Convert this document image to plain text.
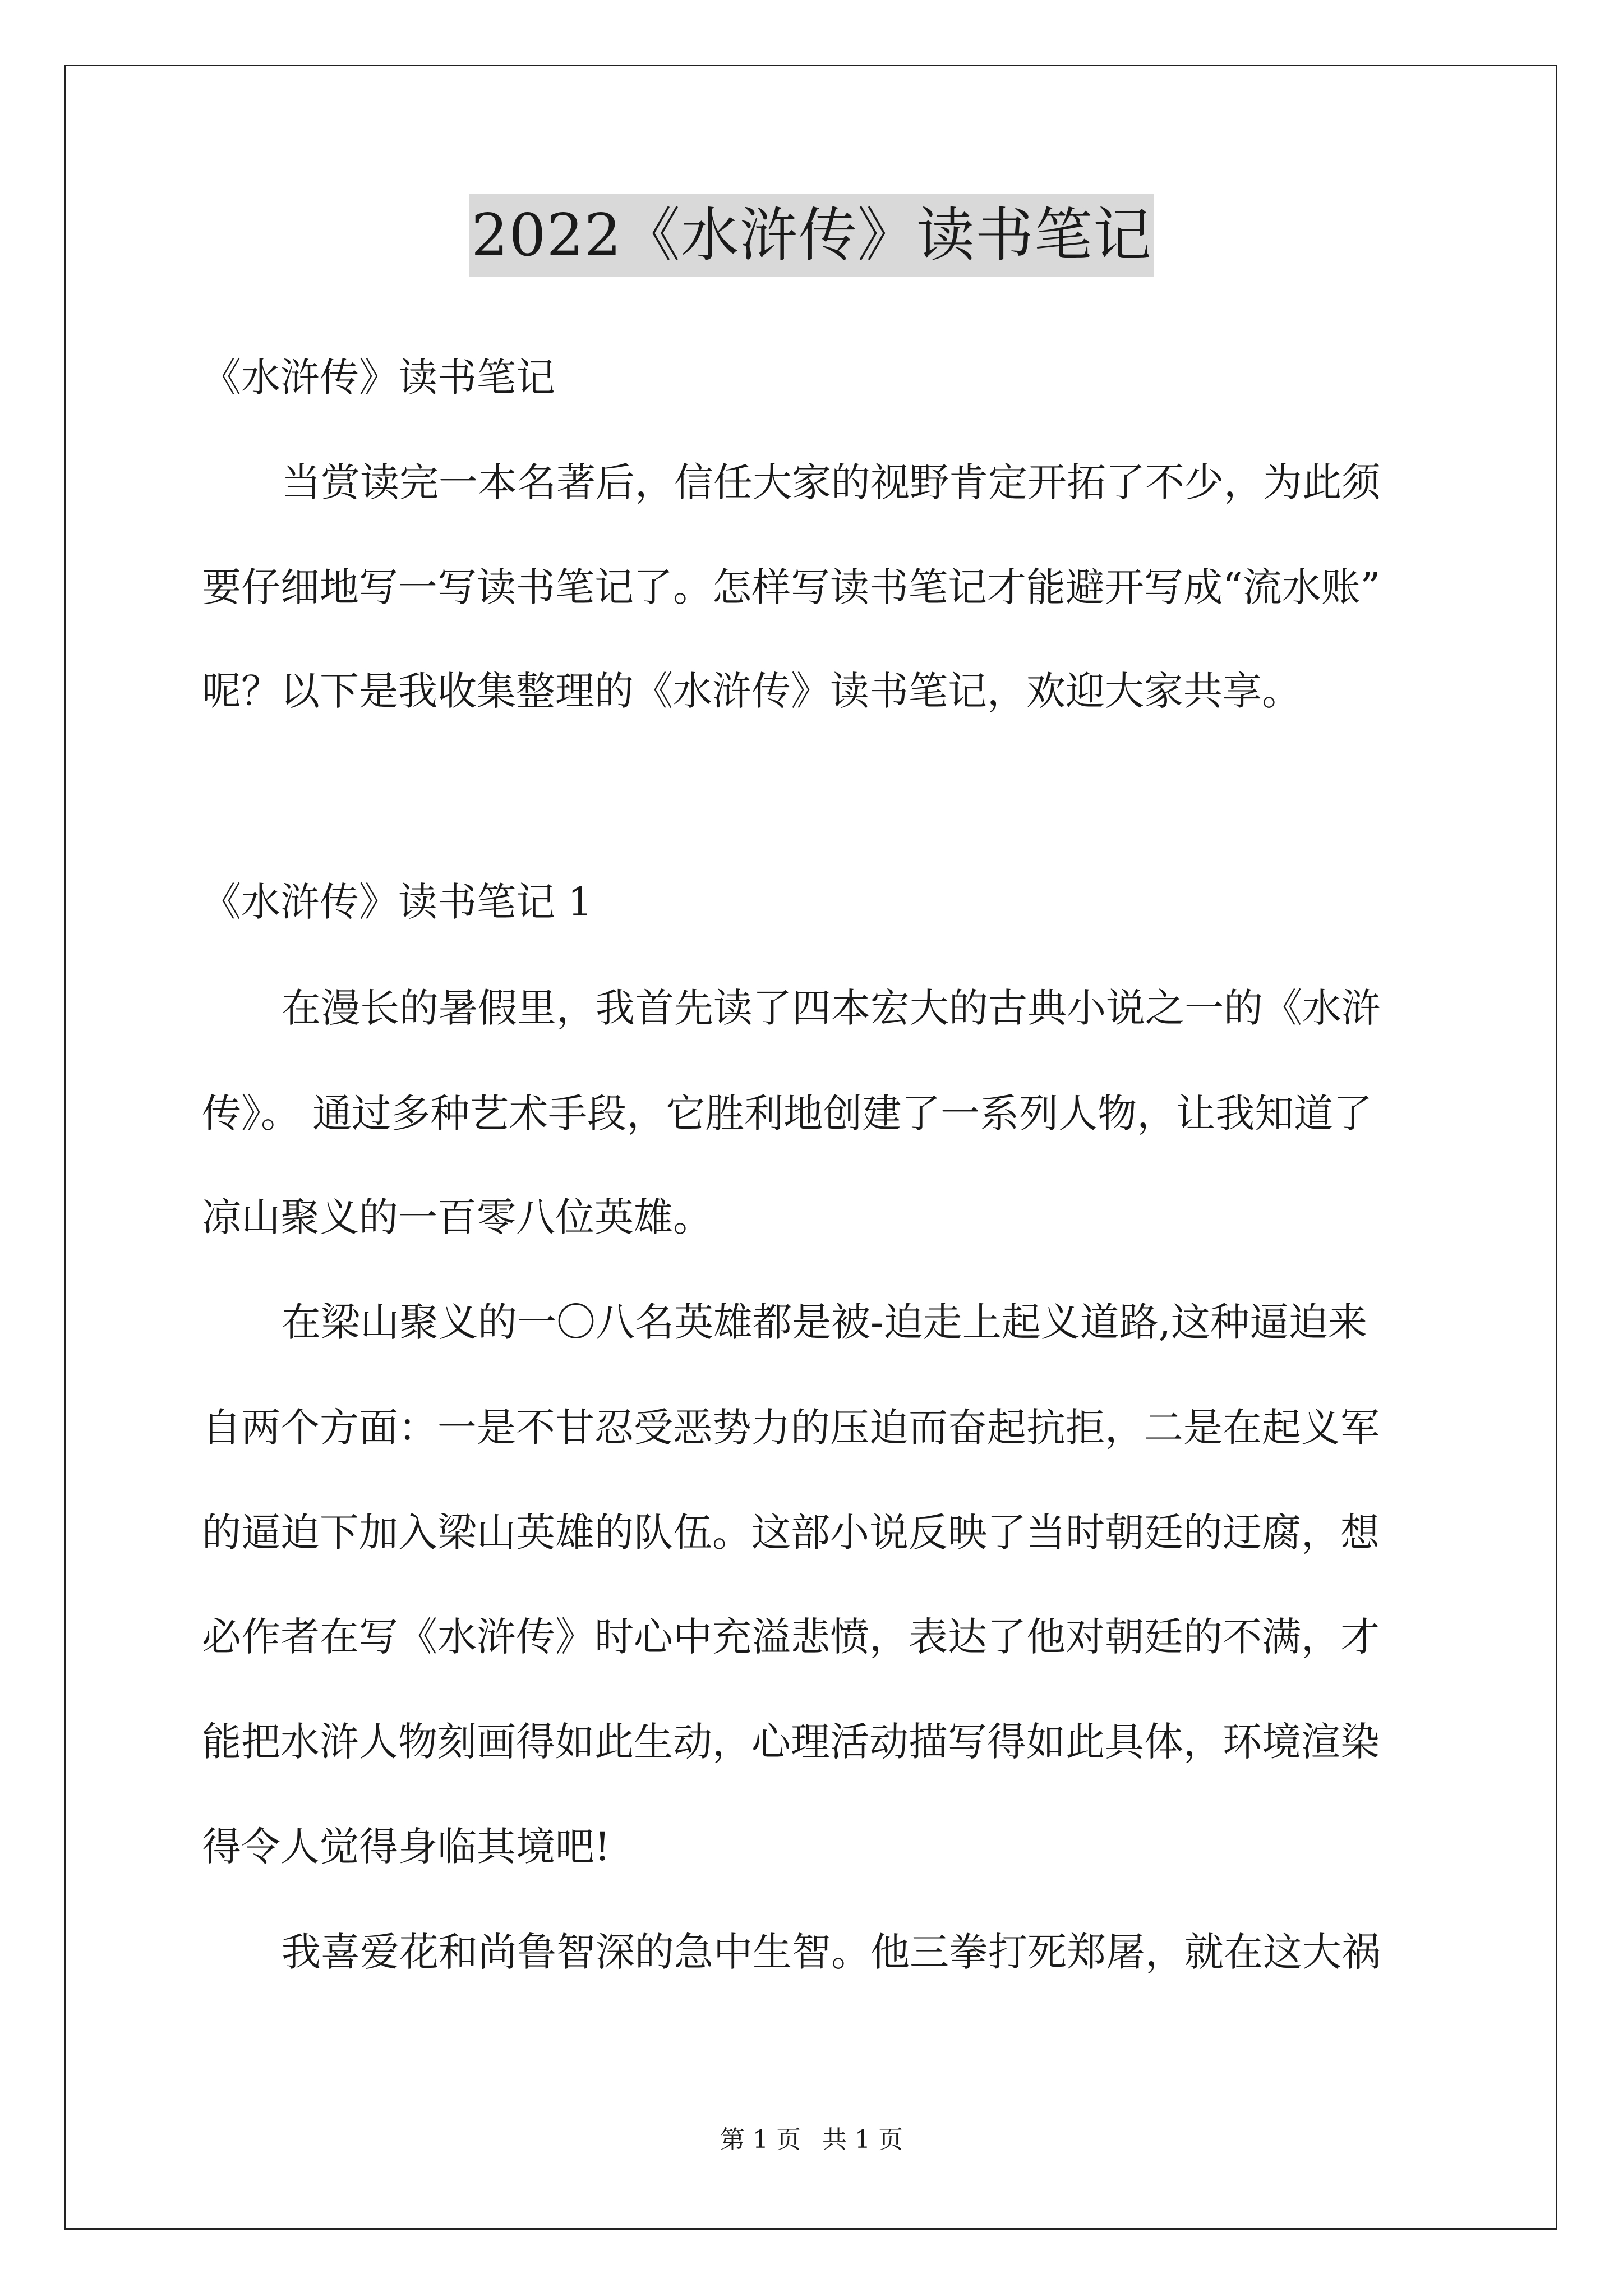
2022《水浒传》读书笔记
《水浒传》读书笔记
当赏读完一本名著后，信任大家的视野肯定开拓了不少，为此须
要仔细地写一写读书笔记了。怎样写读书笔记才能避开写成“流水账”
呢？以下是我收集整理的《水浒传》读书笔记，欢迎大家共享。
《水浒传》读书笔记 1
在漫长的暑假里，我首先读了四本宏大的古典小说之一的《水浒
传》。 通过多种艺术手段，它胜利地创建了一系列人物，让我知道了
凉山聚义的一百零八位英雄。
在梁山聚义的一〇八名英雄都是被-迫走上起义道路,这种逼迫来
自两个方面：一是不甘忍受恶势力的压迫而奋起抗拒，二是在起义军
的逼迫下加入梁山英雄的队伍。这部小说反映了当时朝廷的迂腐，想
必作者在写《水浒传》时心中充溢悲愤，表达了他对朝廷的不满，才
能把水浒人物刻画得如此生动，心理活动描写得如此具体，环境渲染
得令人觉得身临其境吧!
我喜爱花和尚鲁智深的急中生智。他三拳打死郑屠，就在这大祸
第 1 页 共 1 页
